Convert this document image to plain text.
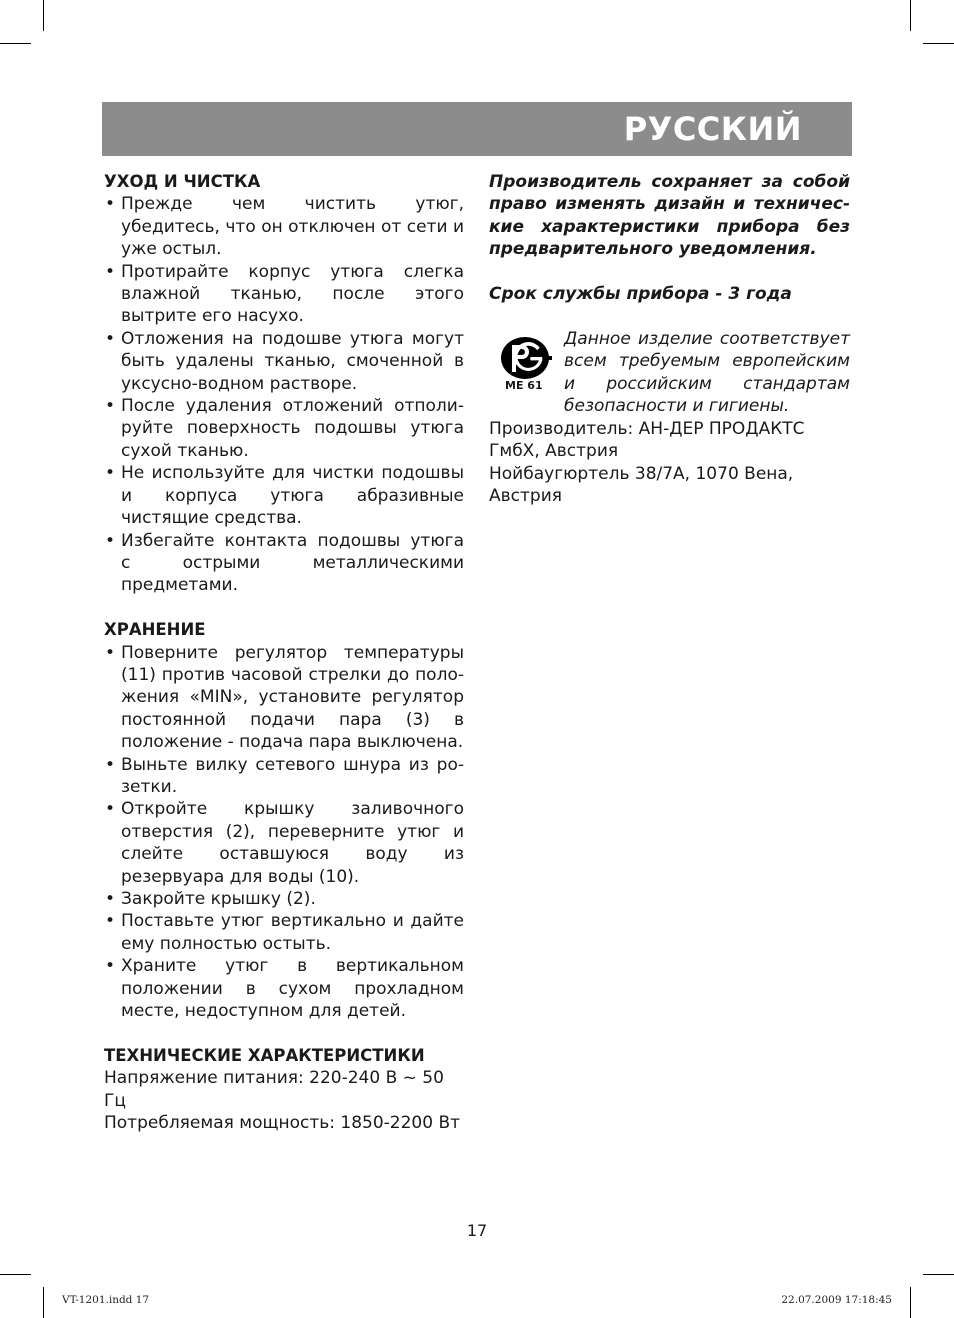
РУССКИЙ

УХОД И ЧИСТКА

• Прежде чем чистить утюг, убедитесь, что он отключен от сети и уже остыл.
• Протирайте корпус утюга слегка влажной тканью, после этого вытрите его насухо.
• Отложения на подошве утюга могут быть удалены тканью, смоченной в уксусно-водном растворе.
• После удаления отложений отполируйте поверхность подошвы утюга сухой тканью.
• Не используйте для чистки подошвы и корпуса утюга абразивные чистящие средства.
• Избегайте контакта подошвы утюга с острыми металлическими предметами.

ХРАНЕНИЕ

• Поверните регулятор температуры (11) против часовой стрелки до положения «MIN», установите регулятор постоянной подачи пара (3) в положение - подача пара выключена.
• Выньте вилку сетевого шнура из розетки.
• Откройте крышку заливочного отверстия (2), переверните утюг и слейте оставшуюся воду из резервуара для воды (10).
• Закройте крышку (2).
• Поставьте утюг вертикально и дайте ему полностью остыть.
• Храните утюг в вертикальном положении в сухом прохладном месте, недоступном для детей.

ТЕХНИЧЕСКИЕ ХАРАКТЕРИСТИКИ

Напряжение питания: 220-240 В ~ 50 Гц

Потребляемая мощность: 1850-2200 Вт

Производитель сохраняет за собой право изменять дизайн и технические характеристики прибора без предварительного уведомления.

Срок службы прибора - 3 года

МЕ 61
Данное изделие соответствует всем требуемым европейским и российским стандартам безопасности и гигиены.

Производитель: АН-ДЕР ПРОДАКТС

ГмбХ, Австрия

Нойбаугюртель 38/7А, 1070 Вена,

Австрия

17
VT-1201.indd 17	22.07.2009 17:18:45
